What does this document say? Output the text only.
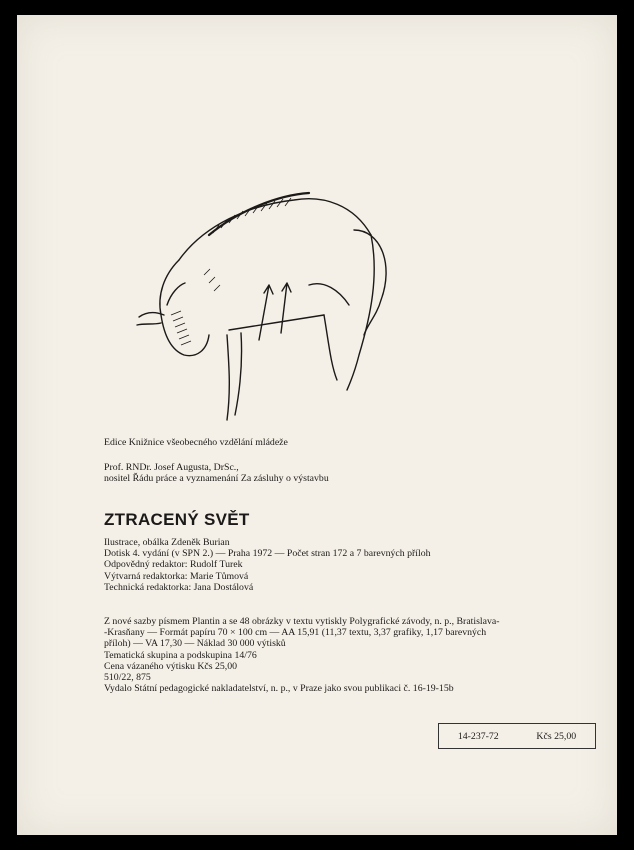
Edice Knižnice všeobecného vzdělání mládeže
Prof. RNDr. Josef Augusta, DrSc.,
nositel Řádu práce a vyznamenání Za zásluhy o výstavbu
ZTRACENÝ SVĚT
Ilustrace, obálka Zdeněk Burian
Dotisk 4. vydání (v SPN 2.) — Praha 1972 — Počet stran 172 a 7 barevných příloh
Odpovědný redaktor: Rudolf Turek
Výtvarná redaktorka: Marie Tůmová
Technická redaktorka: Jana Dostálová
Z nové sazby písmem Plantin a se 48 obrázky v textu vytiskly Polygrafické závody, n. p., Bratislava-
-Krasňany — Formát papíru 70 × 100 cm — AA 15,91 (11,37 textu, 3,37 grafiky, 1,17 barevných
příloh) — VA 17,30 — Náklad 30 000 výtisků
Tematická skupina a podskupina 14/76
Cena vázaného výtisku Kčs 25,00
510/22, 875
Vydalo Státní pedagogické nakladatelství, n. p., v Praze jako svou publikaci č. 16-19-15b
14-237-72	Kčs 25,00
